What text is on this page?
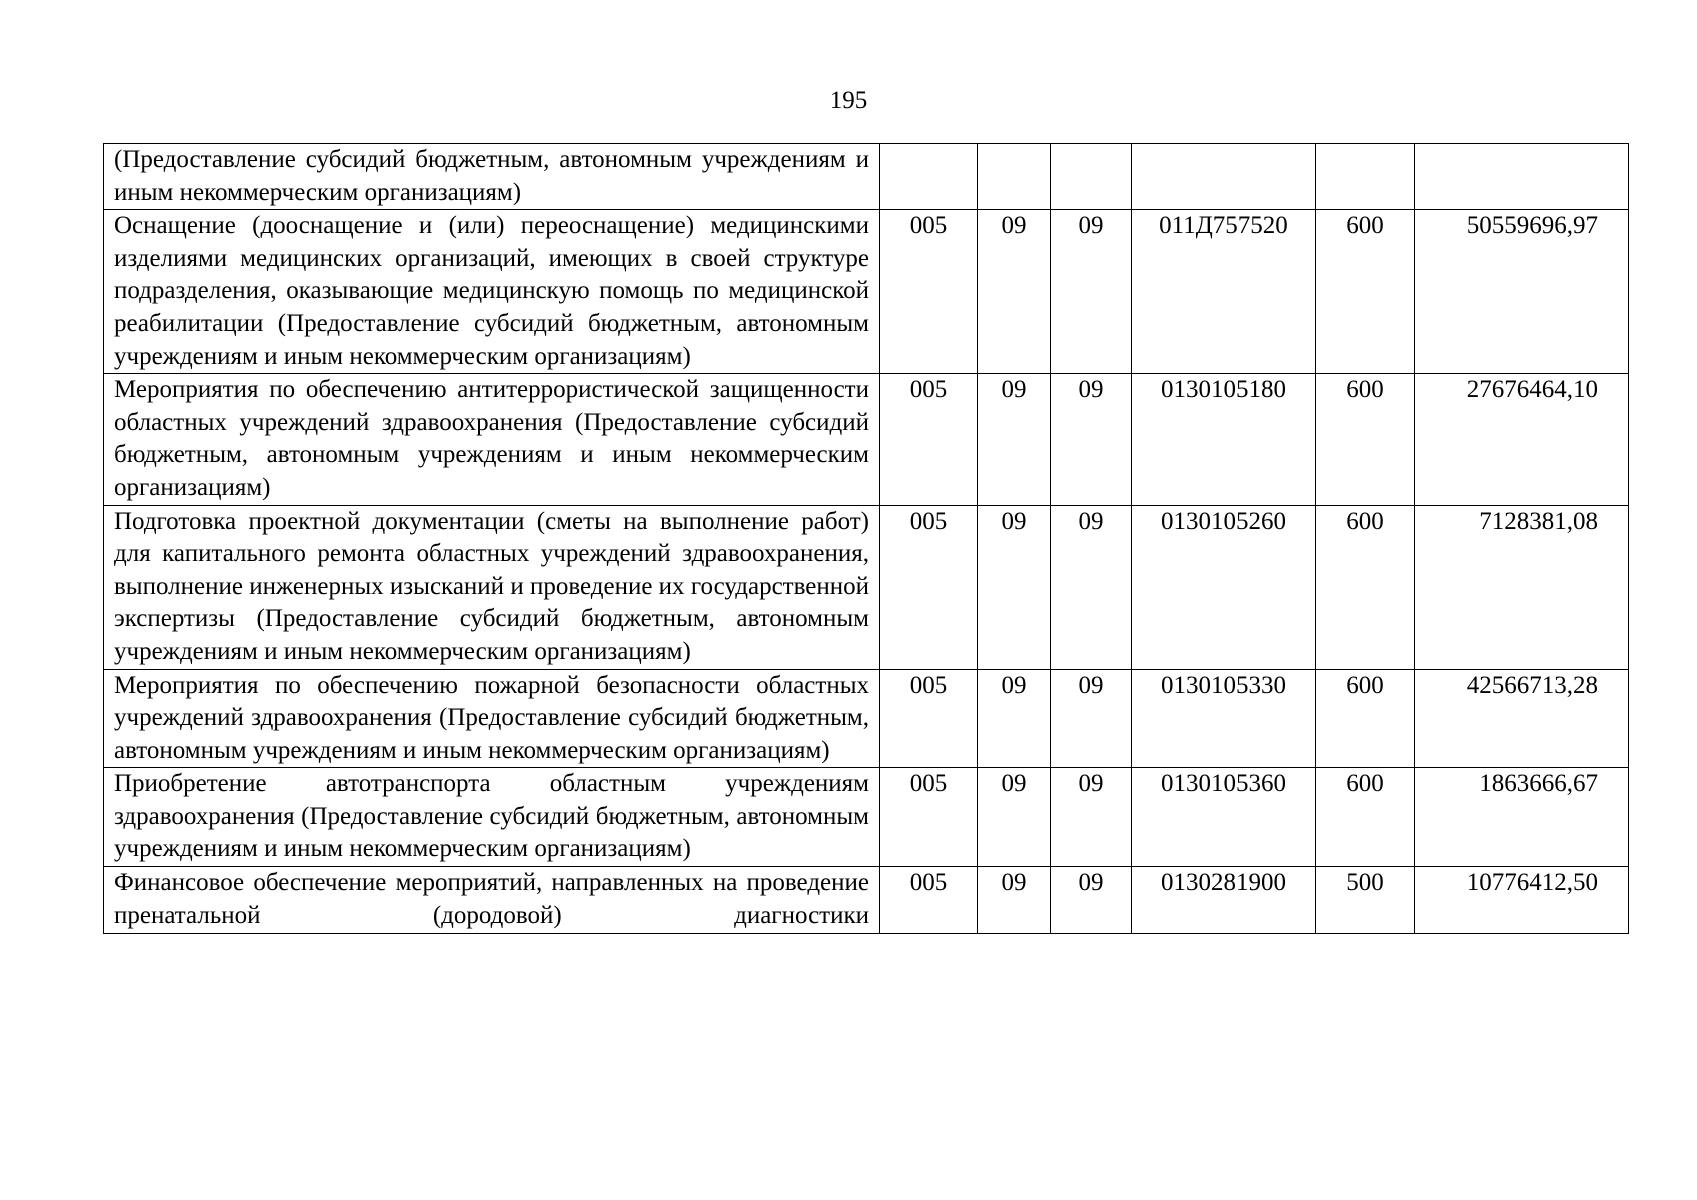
195
(Предоставление субсидий бюджетным, автономным учреждениям и иным некоммерческим организациям)						
Оснащение (дооснащение и (или) переоснащение) медицинскими изделиями медицинских организаций, имеющих в своей структуре подразделения, оказывающие медицинскую помощь по медицинской реабилитации (Предоставление субсидий бюджетным, автономным учреждениям и иным некоммерческим организациям)	005	09	09	011Д757520	600	50559696,97
Мероприятия по обеспечению антитеррористической защищенности областных учреждений здравоохранения (Предоставление субсидий бюджетным, автономным учреждениям и иным некоммерческим организациям)	005	09	09	0130105180	600	27676464,10
Подготовка проектной документации (сметы на выполнение работ) для капитального ремонта областных учреждений здравоохранения, выполнение инженерных изысканий и проведение их государственной экспертизы (Предоставление субсидий бюджетным, автономным учреждениям и иным некоммерческим организациям)	005	09	09	0130105260	600	7128381,08
Мероприятия по обеспечению пожарной безопасности областных учреждений здравоохранения (Предоставление субсидий бюджетным, автономным учреждениям и иным некоммерческим организациям)	005	09	09	0130105330	600	42566713,28
Приобретение автотранспорта областным учреждениям здравоохранения (Предоставление субсидий бюджетным, автономным учреждениям и иным некоммерческим организациям)	005	09	09	0130105360	600	1863666,67
Финансовое обеспечение мероприятий, направленных на проведение пренатальной (дородовой) диагностики	005	09	09	0130281900	500	10776412,50
